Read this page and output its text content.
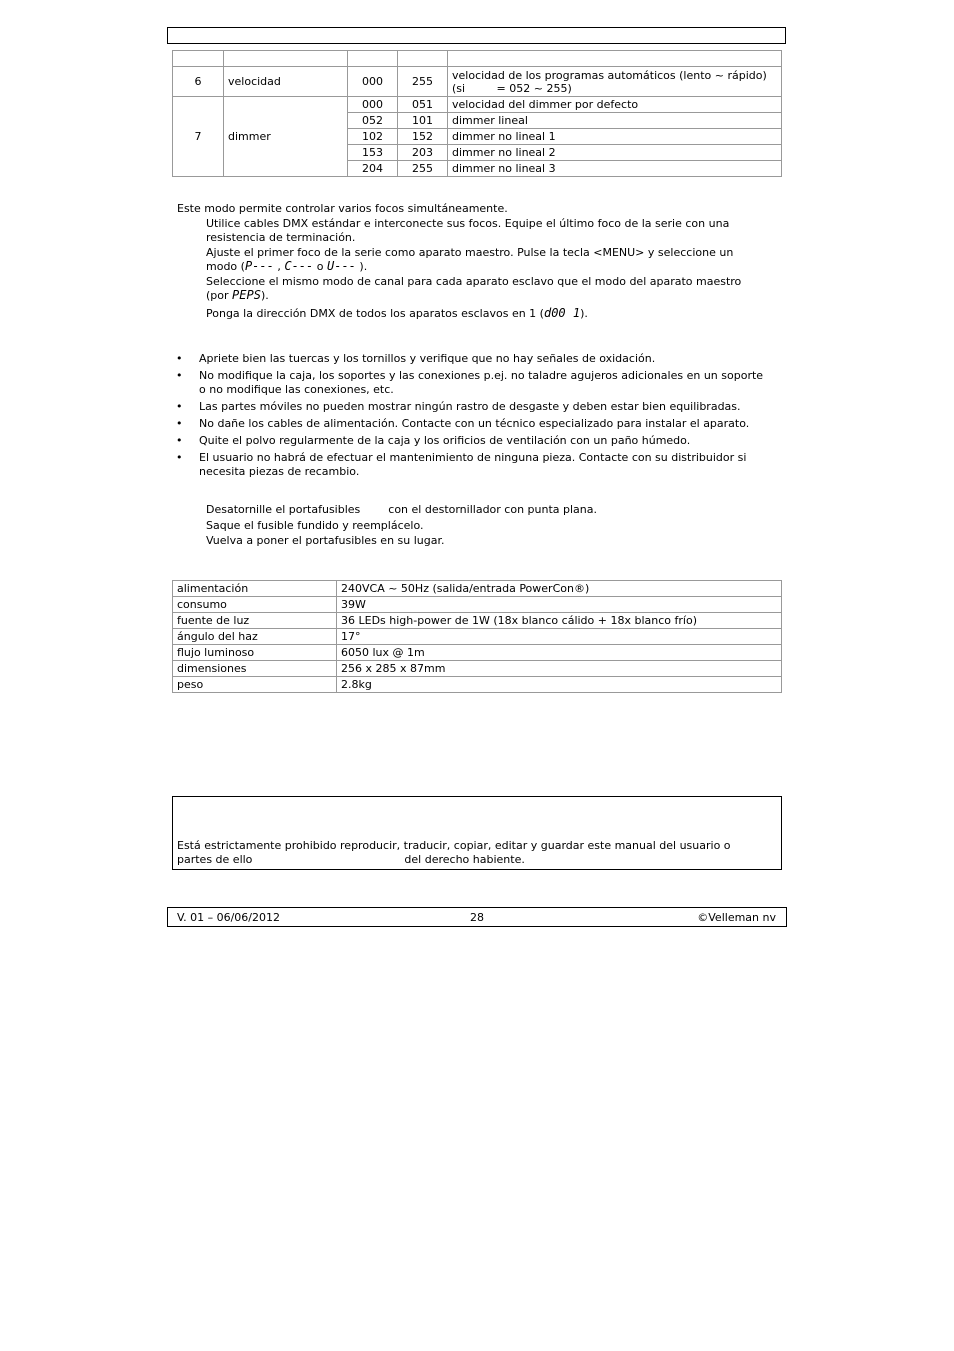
6	velocidad	000	255	velocidad de los programas automáticos (lento ~ rápido)
(si         = 052 ~ 255)

7	dimmer	000	051	velocidad del dimmer por defecto
		052	101	dimmer lineal
		102	152	dimmer no lineal 1
		153	203	dimmer no lineal 2
		204	255	dimmer no lineal 3
Este modo permite controlar varios focos simultáneamente.
Utilice cables DMX estándar e interconecte sus focos. Equipe el último foco de la serie con una
resistencia de terminación.
Ajuste el primer foco de la serie como aparato maestro. Pulse la tecla <MENU> y seleccione un
modo (P--- , C--- o U--- ).
Seleccione el mismo modo de canal para cada aparato esclavo que el modo del aparato maestro
(por PEPS).
Ponga la dirección DMX de todos los aparatos esclavos en 1 (d00 1).
• Apriete bien las tuercas y los tornillos y verifique que no hay señales de oxidación.
• No modifique la caja, los soportes y las conexiones p.ej. no taladre agujeros adicionales en un soporte o no modifique las conexiones, etc.
• Las partes móviles no pueden mostrar ningún rastro de desgaste y deben estar bien equilibradas.
• No dañe los cables de alimentación. Contacte con un técnico especializado para instalar el aparato.
• Quite el polvo regularmente de la caja y los orificios de ventilación con un paño húmedo.
• El usuario no habrá de efectuar el mantenimiento de ninguna pieza. Contacte con su distribuidor si necesita piezas de recambio.
Desatornille el portafusibles	con el destornillador con punta plana.
Saque el fusible fundido y reemplácelo.
Vuelva a poner el portafusibles en su lugar.
alimentación	240VCA ~ 50Hz (salida/entrada PowerCon®)
consumo	39W
fuente de luz	36 LEDs high-power de 1W (18x blanco cálido + 18x blanco frío)
ángulo del haz	17°
flujo luminoso	6050 lux @ 1m
dimensiones	256 x 285 x 87mm
peso	2.8kg
Está estrictamente prohibido reproducir, traducir, copiar, editar y guardar este manual del usuario o
partes de ello	del derecho habiente.
V. 01 – 06/06/2012	28	©Velleman nv
